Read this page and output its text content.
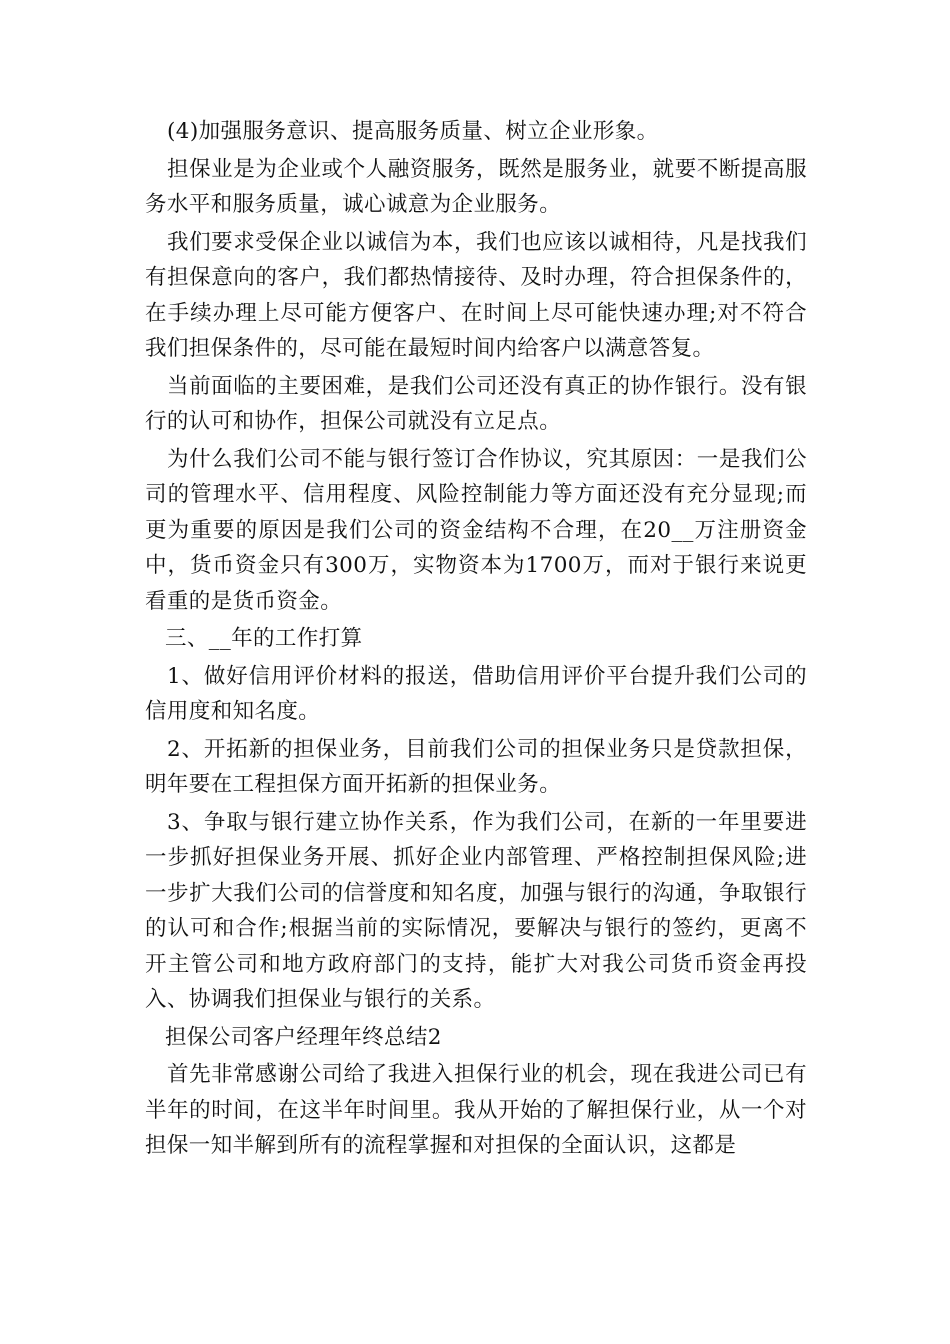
(4)加强服务意识、提高服务质量、树立企业形象。

担保业是为企业或个人融资服务，既然是服务业，就要不断提高服务水平和服务质量，诚心诚意为企业服务。

我们要求受保企业以诚信为本，我们也应该以诚相待，凡是找我们有担保意向的客户，我们都热情接待、及时办理，符合担保条件的，在手续办理上尽可能方便客户、在时间上尽可能快速办理;对不符合我们担保条件的，尽可能在最短时间内给客户以满意答复。

当前面临的主要困难，是我们公司还没有真正的协作银行。没有银行的认可和协作，担保公司就没有立足点。

为什么我们公司不能与银行签订合作协议，究其原因：一是我们公司的管理水平、信用程度、风险控制能力等方面还没有充分显现;而更为重要的原因是我们公司的资金结构不合理，在20__万注册资金中，货币资金只有300万，实物资本为1700万，而对于银行来说更看重的是货币资金。

三、__年的工作打算

1、做好信用评价材料的报送，借助信用评价平台提升我们公司的信用度和知名度。

2、开拓新的担保业务，目前我们公司的担保业务只是贷款担保，明年要在工程担保方面开拓新的担保业务。

3、争取与银行建立协作关系，作为我们公司，在新的一年里要进一步抓好担保业务开展、抓好企业内部管理、严格控制担保风险;进一步扩大我们公司的信誉度和知名度，加强与银行的沟通，争取银行的认可和合作;根据当前的实际情况，要解决与银行的签约，更离不开主管公司和地方政府部门的支持，能扩大对我公司货币资金再投入、协调我们担保业与银行的关系。

担保公司客户经理年终总结2

首先非常感谢公司给了我进入担保行业的机会，现在我进公司已有半年的时间，在这半年时间里。我从开始的了解担保行业，从一个对担保一知半解到所有的流程掌握和对担保的全面认识，这都是
